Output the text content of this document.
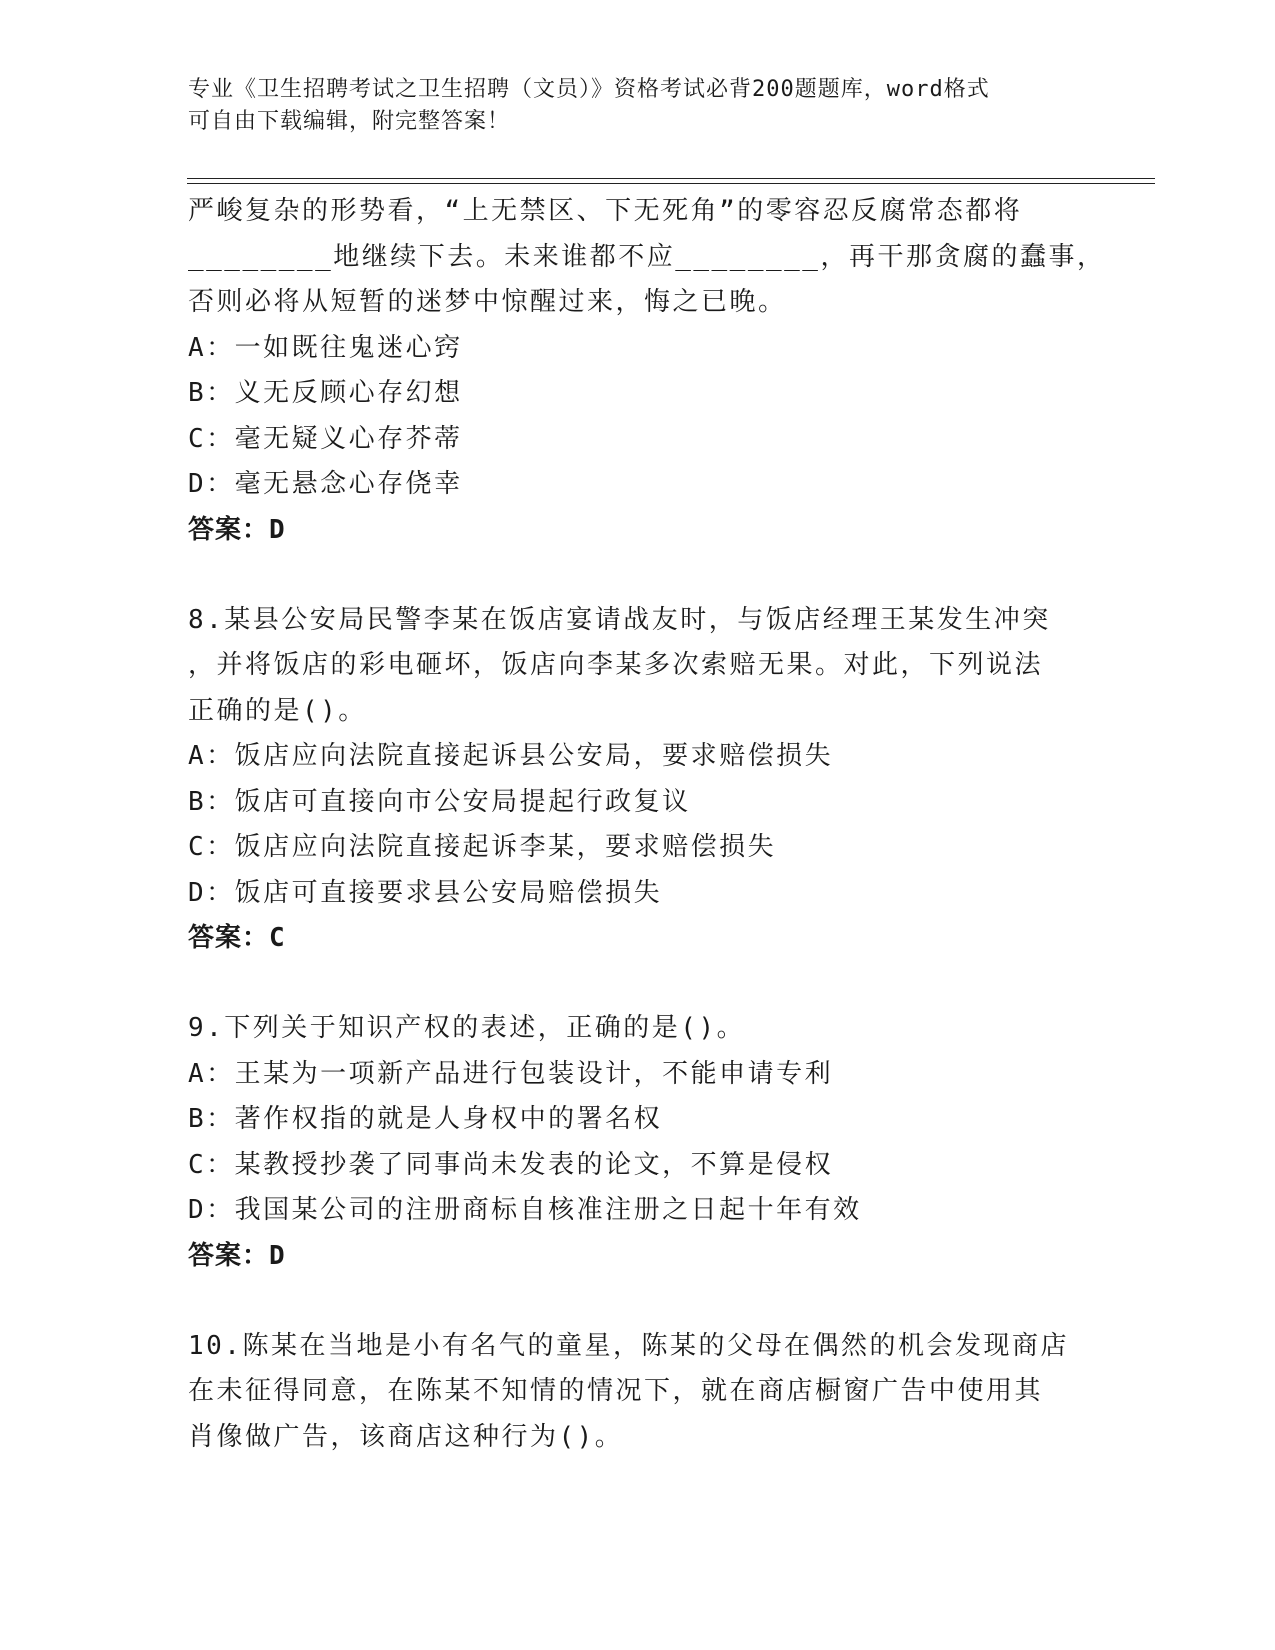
专业《卫生招聘考试之卫生招聘（文员）》资格考试必背200题题库，word格式
可自由下载编辑，附完整答案！
严峻复杂的形势看，“上无禁区、下无死角”的零容忍反腐常态都将
________地继续下去。未来谁都不应________，再干那贪腐的蠢事，
否则必将从短暂的迷梦中惊醒过来，悔之已晚。
A：一如既往鬼迷心窍
B：义无反顾心存幻想
C：毫无疑义心存芥蒂
D：毫无悬念心存侥幸
答案：D
8.某县公安局民警李某在饭店宴请战友时，与饭店经理王某发生冲突
，并将饭店的彩电砸坏，饭店向李某多次索赔无果。对此，下列说法
正确的是()。
A：饭店应向法院直接起诉县公安局，要求赔偿损失
B：饭店可直接向市公安局提起行政复议
C：饭店应向法院直接起诉李某，要求赔偿损失
D：饭店可直接要求县公安局赔偿损失
答案：C
9.下列关于知识产权的表述，正确的是()。
A：王某为一项新产品进行包装设计，不能申请专利
B：著作权指的就是人身权中的署名权
C：某教授抄袭了同事尚未发表的论文，不算是侵权
D：我国某公司的注册商标自核准注册之日起十年有效
答案：D
10.陈某在当地是小有名气的童星，陈某的父母在偶然的机会发现商店
在未征得同意，在陈某不知情的情况下，就在商店橱窗广告中使用其
肖像做广告，该商店这种行为()。
